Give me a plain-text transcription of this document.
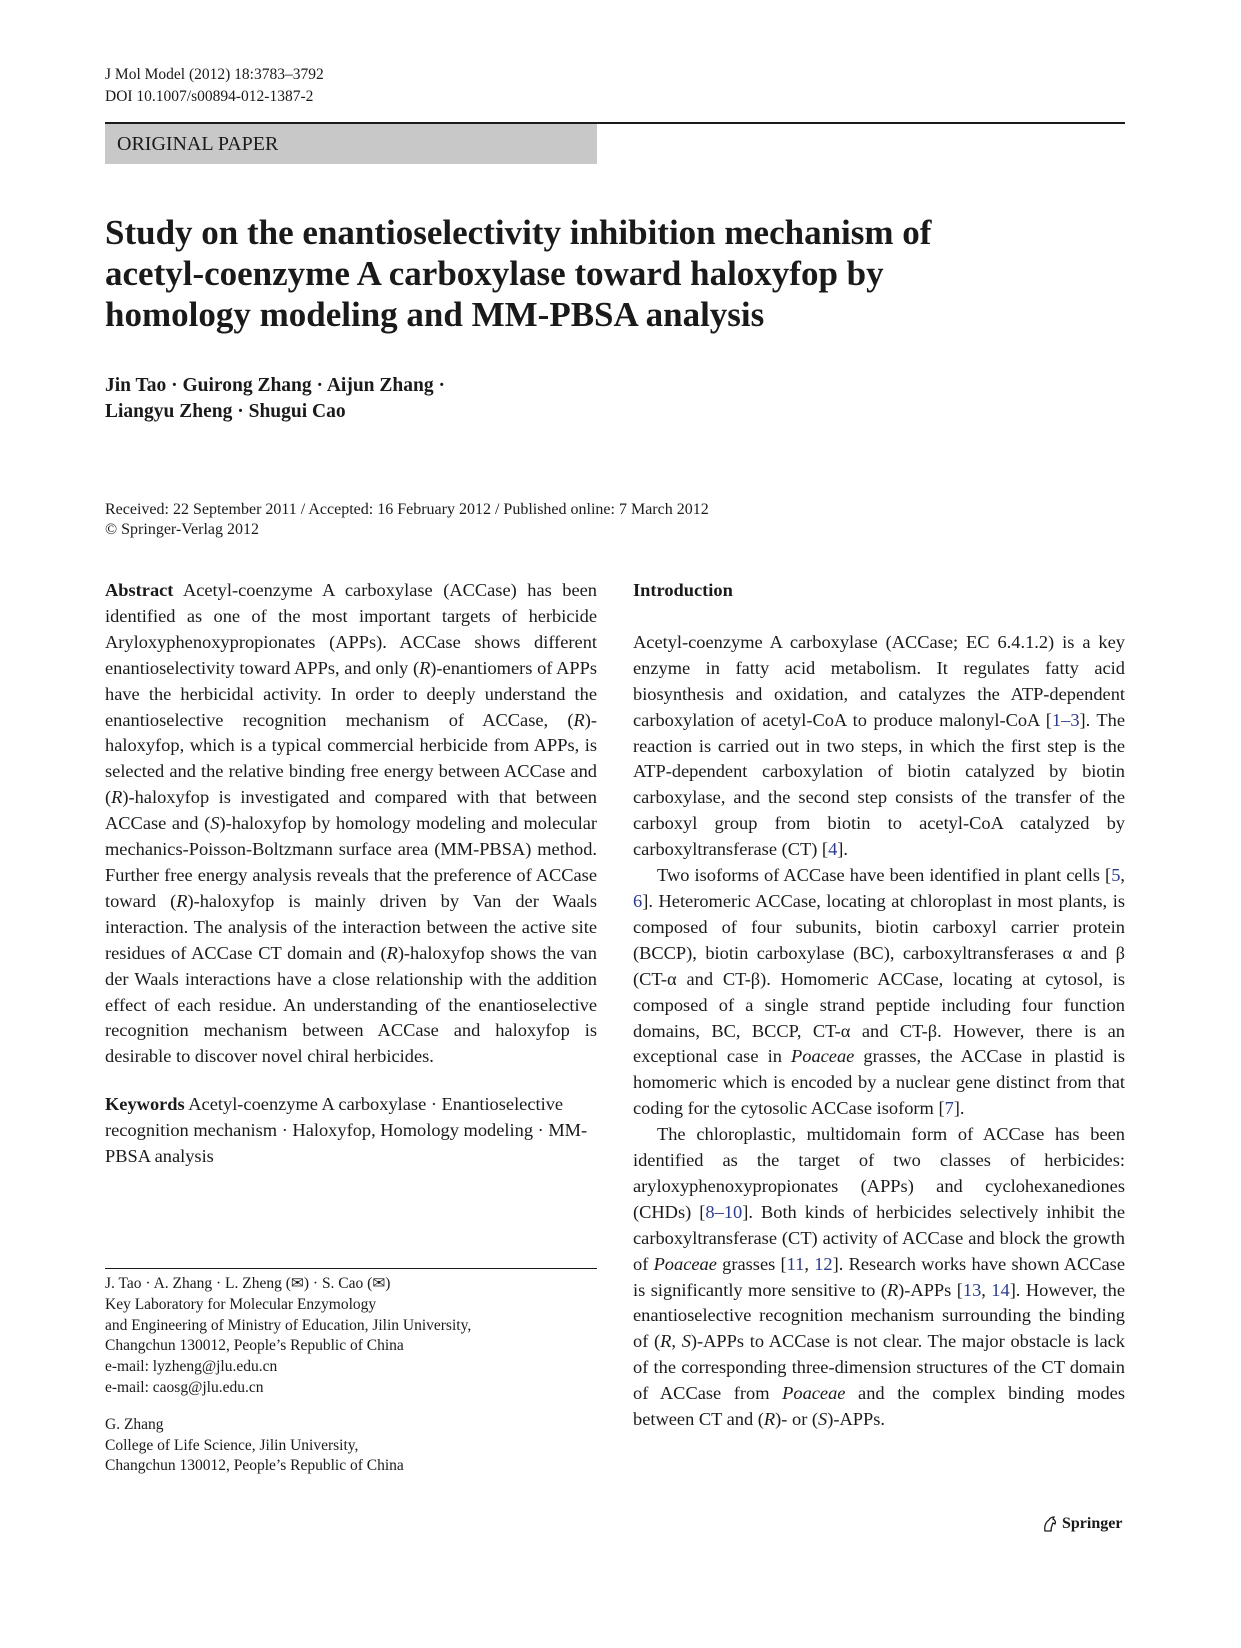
J Mol Model (2012) 18:3783–3792
DOI 10.1007/s00894-012-1387-2
ORIGINAL PAPER
Study on the enantioselectivity inhibition mechanism of acetyl-coenzyme A carboxylase toward haloxyfop by homology modeling and MM-PBSA analysis
Jin Tao · Guirong Zhang · Aijun Zhang ·
Liangyu Zheng · Shugui Cao
Received: 22 September 2011 / Accepted: 16 February 2012 / Published online: 7 March 2012
© Springer-Verlag 2012

Abstract Acetyl-coenzyme A carboxylase (ACCase) has been identified as one of the most important targets of herbicide Aryloxyphenoxypropionates (APPs). ACCase shows different enantioselectivity toward APPs, and only (R)-enantiomers of APPs have the herbicidal activity. In order to deeply understand the enantioselective recognition mechanism of ACCase, (R)-haloxyfop, which is a typical commercial herbicide from APPs, is selected and the relative binding free energy between ACCase and (R)-haloxyfop is investigated and compared with that between ACCase and (S)-haloxyfop by homology modeling and molecular mechanics-Poisson-Boltzmann surface area (MM-PBSA) method. Further free energy analysis reveals that the preference of ACCase toward (R)-haloxyfop is mainly driven by Van der Waals interaction. The analysis of the interaction between the active site residues of ACCase CT domain and (R)-haloxyfop shows the van der Waals interactions have a close relationship with the addition effect of each residue. An understanding of the enantioselective recognition mechanism between ACCase and haloxyfop is desirable to discover novel chiral herbicides.

Keywords Acetyl-coenzyme A carboxylase · Enantioselective recognition mechanism · Haloxyfop, Homology modeling · MM-PBSA analysis

J. Tao · A. Zhang · L. Zheng (✉) · S. Cao (✉)

Key Laboratory for Molecular Enzymology

and Engineering of Ministry of Education, Jilin University,

Changchun 130012, People’s Republic of China

e-mail: lyzheng@jlu.edu.cn

e-mail: caosg@jlu.edu.cn

G. Zhang

College of Life Science, Jilin University,

Changchun 130012, People’s Republic of China

Introduction

Acetyl-coenzyme A carboxylase (ACCase; EC 6.4.1.2) is a key enzyme in fatty acid metabolism. It regulates fatty acid biosynthesis and oxidation, and catalyzes the ATP-dependent carboxylation of acetyl-CoA to produce malonyl-CoA [1–3]. The reaction is carried out in two steps, in which the first step is the ATP-dependent carboxylation of biotin catalyzed by biotin carboxylase, and the second step consists of the transfer of the carboxyl group from biotin to acetyl-CoA catalyzed by carboxyltransferase (CT) [4].

Two isoforms of ACCase have been identified in plant cells [5, 6]. Heteromeric ACCase, locating at chloroplast in most plants, is composed of four subunits, biotin carboxyl carrier protein (BCCP), biotin carboxylase (BC), carboxyltransferases α and β (CT-α and CT-β). Homomeric ACCase, locating at cytosol, is composed of a single strand peptide including four function domains, BC, BCCP, CT-α and CT-β. However, there is an exceptional case in Poaceae grasses, the ACCase in plastid is homomeric which is encoded by a nuclear gene distinct from that coding for the cytosolic ACCase isoform [7].

The chloroplastic, multidomain form of ACCase has been identified as the target of two classes of herbicides: aryloxyphenoxypropionates (APPs) and cyclohexanediones (CHDs) [8–10]. Both kinds of herbicides selectively inhibit the carboxyltransferase (CT) activity of ACCase and block the growth of Poaceae grasses [11, 12]. Research works have shown ACCase is significantly more sensitive to (R)-APPs [13, 14]. However, the enantioselective recognition mechanism surrounding the binding of (R, S)-APPs to ACCase is not clear. The major obstacle is lack of the corresponding three-dimension structures of the CT domain of ACCase from Poaceae and the complex binding modes between CT and (R)- or (S)-APPs.

Springer
